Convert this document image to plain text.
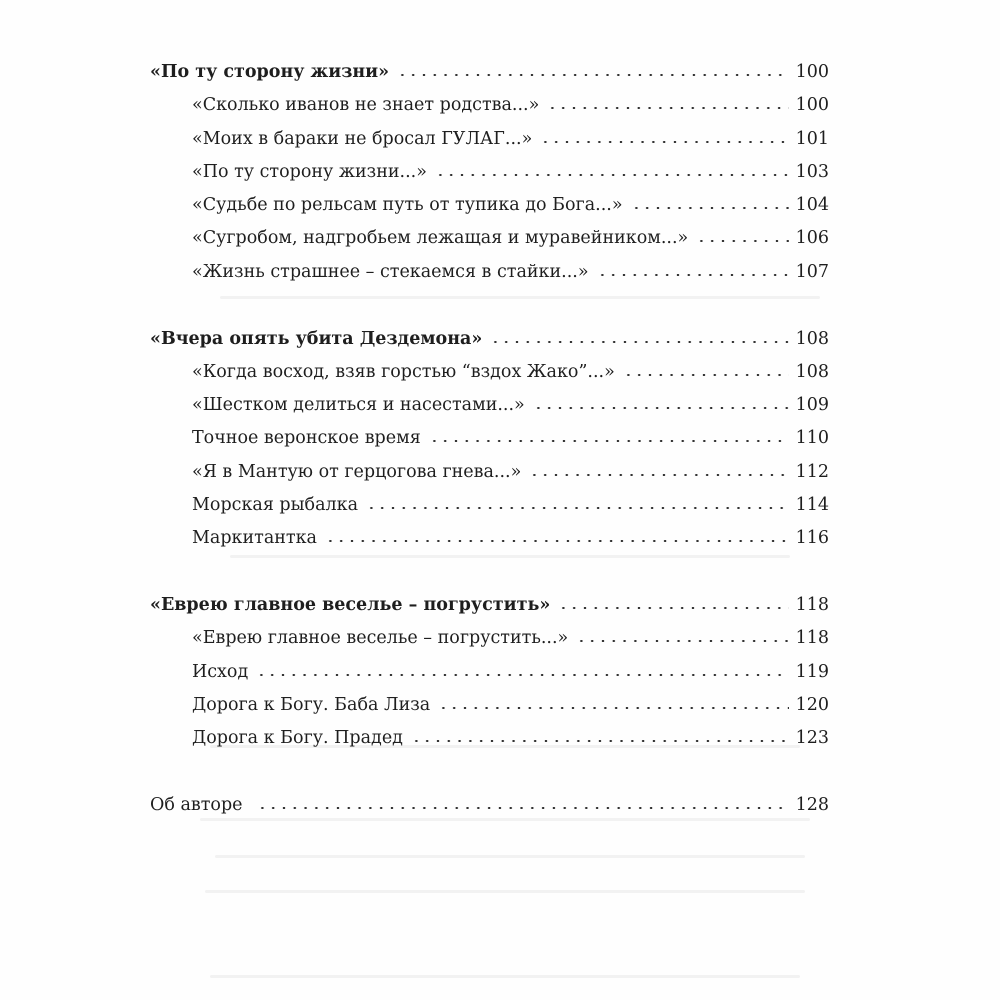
«По ту сторону жизни»	100
«Сколько иванов не знает родства...»	100
«Моих в бараки не бросал ГУЛАГ...»	101
«По ту сторону жизни...»	103
«Судьбе по рельсам путь от тупика до Бога...»	104
«Сугробом, надгробьем лежащая и муравейником...»	106
«Жизнь страшнее – стекаемся в стайки...»	107
«Вчера опять убита Дездемона»	108
«Когда восход, взяв горстью “вздох Жако”...»	108
«Шестком делиться и насестами...»	109
Точное веронское время	110
«Я в Мантую от герцогова гнева...»	112
Морская рыбалка	114
Маркитантка	116
«Еврею главное веселье – погрустить»	118
«Еврею главное веселье – погрустить...»	118
Исход	119
Дорога к Богу. Баба Лиза	120
Дорога к Богу. Прадед	123
Об авторе	128
